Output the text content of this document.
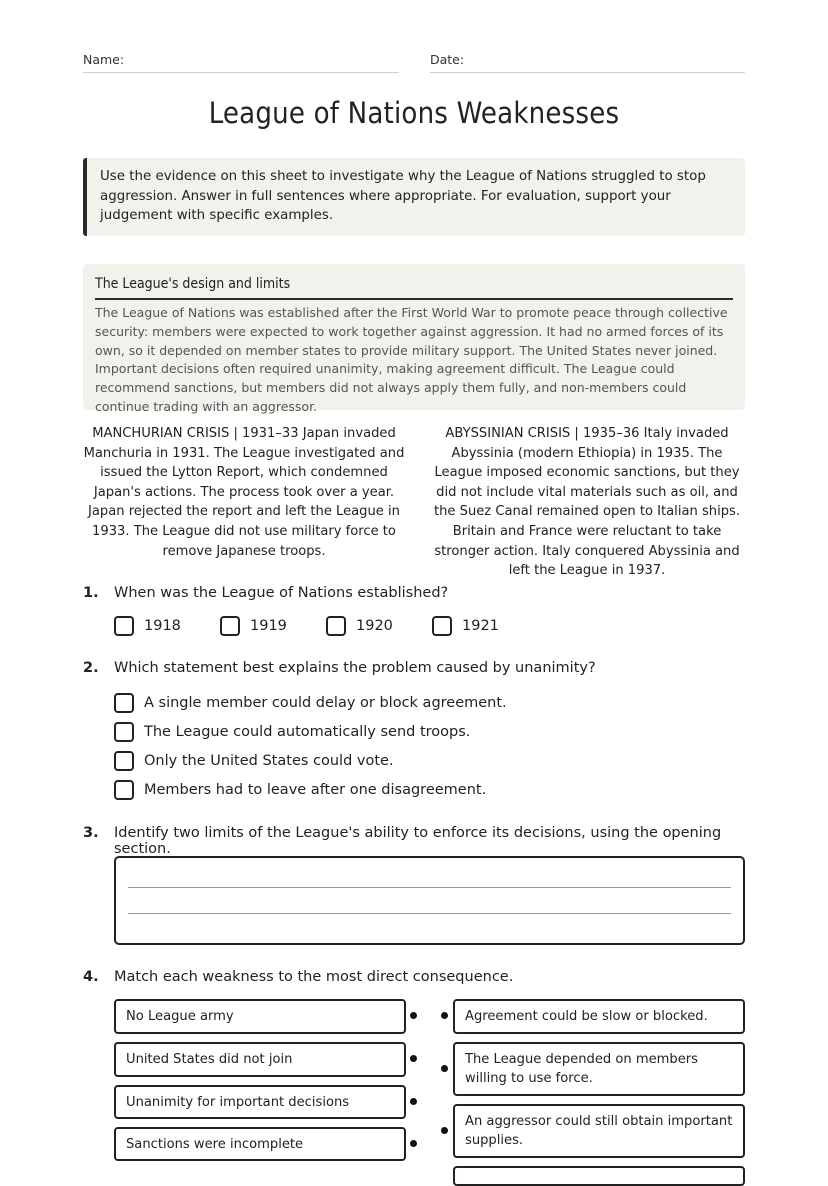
Name:	Date:
League of Nations Weaknesses
Use the evidence on this sheet to investigate why the League of Nations struggled to stop aggression. Answer in full sentences where appropriate. For evaluation, support your judgement with specific examples.
The League's design and limits
The League of Nations was established after the First World War to promote peace through collective security: members were expected to work together against aggression. It had no armed forces of its own, so it depended on member states to provide military support. The United States never joined. Important decisions often required unanimity, making agreement difficult. The League could recommend sanctions, but members did not always apply them fully, and non-members could continue trading with an aggressor.
MANCHURIAN CRISIS | 1931–33 Japan invaded Manchuria in 1931. The League investigated and issued the Lytton Report, which condemned Japan's actions. The process took over a year. Japan rejected the report and left the League in 1933. The League did not use military force to remove Japanese troops.
ABYSSINIAN CRISIS | 1935–36 Italy invaded Abyssinia (modern Ethiopia) in 1935. The League imposed economic sanctions, but they did not include vital materials such as oil, and the Suez Canal remained open to Italian ships. Britain and France were reluctant to take stronger action. Italy conquered Abyssinia and left the League in 1937.
1. When was the League of Nations established?
1918	1919	1920	1921
2. Which statement best explains the problem caused by unanimity?
A single member could delay or block agreement.
The League could automatically send troops.
Only the United States could vote.
Members had to leave after one disagreement.
3. Identify two limits of the League's ability to enforce its decisions, using the opening section.
4. Match each weakness to the most direct consequence.
No League army
United States did not join
Unanimity for important decisions
Sanctions were incomplete
Agreement could be slow or blocked.
The League depended on members willing to use force.
An aggressor could still obtain important supplies.
